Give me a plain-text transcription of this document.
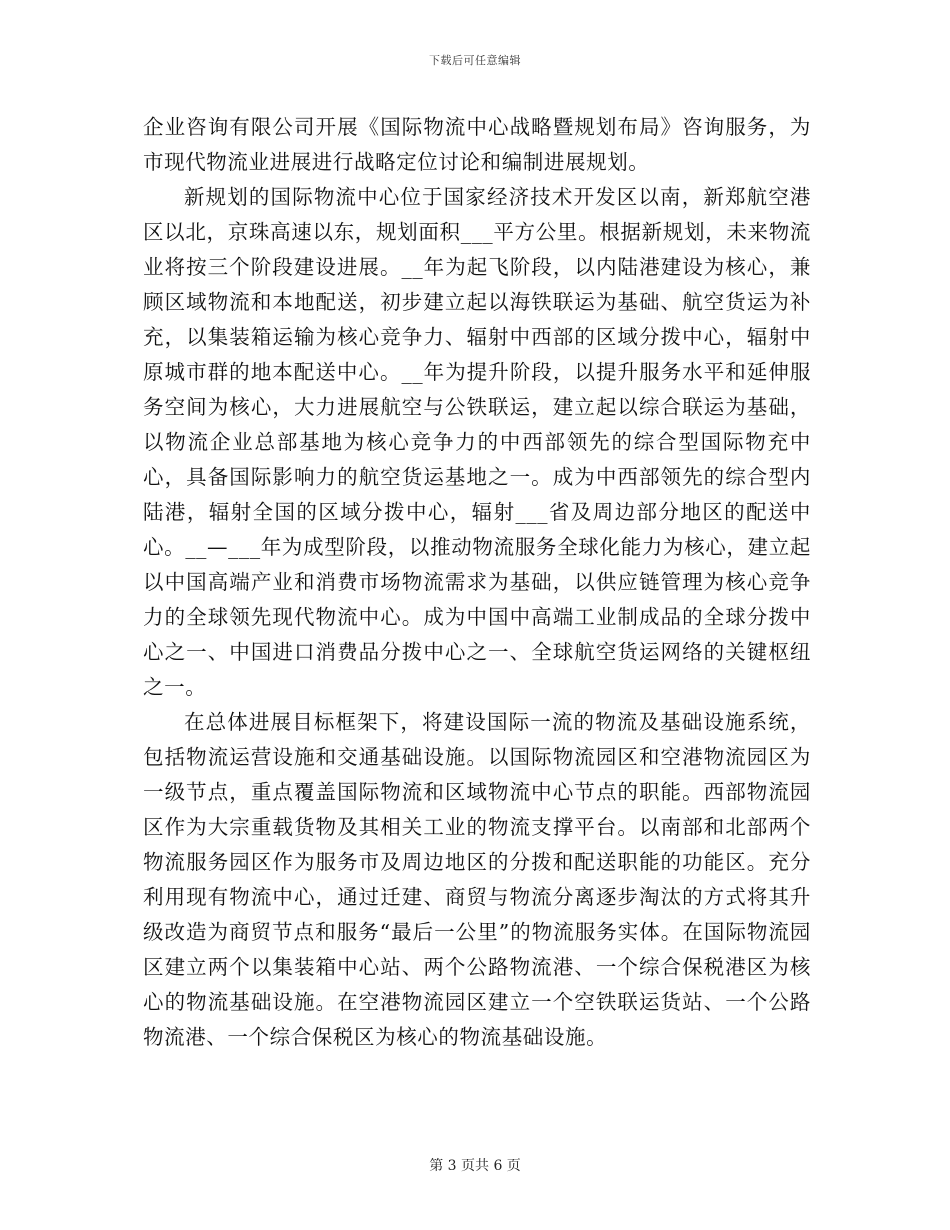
下载后可任意编辑

企业咨询有限公司开展《国际物流中心战略暨规划布局》咨询服务，为市现代物流业进展进行战略定位讨论和编制进展规划。

新规划的国际物流中心位于国家经济技术开发区以南，新郑航空港区以北，京珠高速以东，规划面积___平方公里。根据新规划，未来物流业将按三个阶段建设进展。__年为起飞阶段，以内陆港建设为核心，兼顾区域物流和本地配送，初步建立起以海铁联运为基础、航空货运为补充，以集装箱运输为核心竞争力、辐射中西部的区域分拨中心，辐射中原城市群的地本配送中心。__年为提升阶段，以提升服务水平和延伸服务空间为核心，大力进展航空与公铁联运，建立起以综合联运为基础，以物流企业总部基地为核心竞争力的中西部领先的综合型国际物充中心，具备国际影响力的航空货运基地之一。成为中西部领先的综合型内陆港，辐射全国的区域分拨中心，辐射___省及周边部分地区的配送中心。__—___年为成型阶段，以推动物流服务全球化能力为核心，建立起以中国高端产业和消费市场物流需求为基础，以供应链管理为核心竞争力的全球领先现代物流中心。成为中国中高端工业制成品的全球分拨中心之一、中国进口消费品分拨中心之一、全球航空货运网络的关键枢纽之一。

在总体进展目标框架下，将建设国际一流的物流及基础设施系统，包括物流运营设施和交通基础设施。以国际物流园区和空港物流园区为一级节点，重点覆盖国际物流和区域物流中心节点的职能。西部物流园区作为大宗重载货物及其相关工业的物流支撑平台。以南部和北部两个物流服务园区作为服务市及周边地区的分拨和配送职能的功能区。充分利用现有物流中心，通过迁建、商贸与物流分离逐步淘汰的方式将其升级改造为商贸节点和服务“最后一公里”的物流服务实体。在国际物流园区建立两个以集装箱中心站、两个公路物流港、一个综合保税港区为核心的物流基础设施。在空港物流园区建立一个空铁联运货站、一个公路物流港、一个综合保税区为核心的物流基础设施。

第 3 页共 6 页
